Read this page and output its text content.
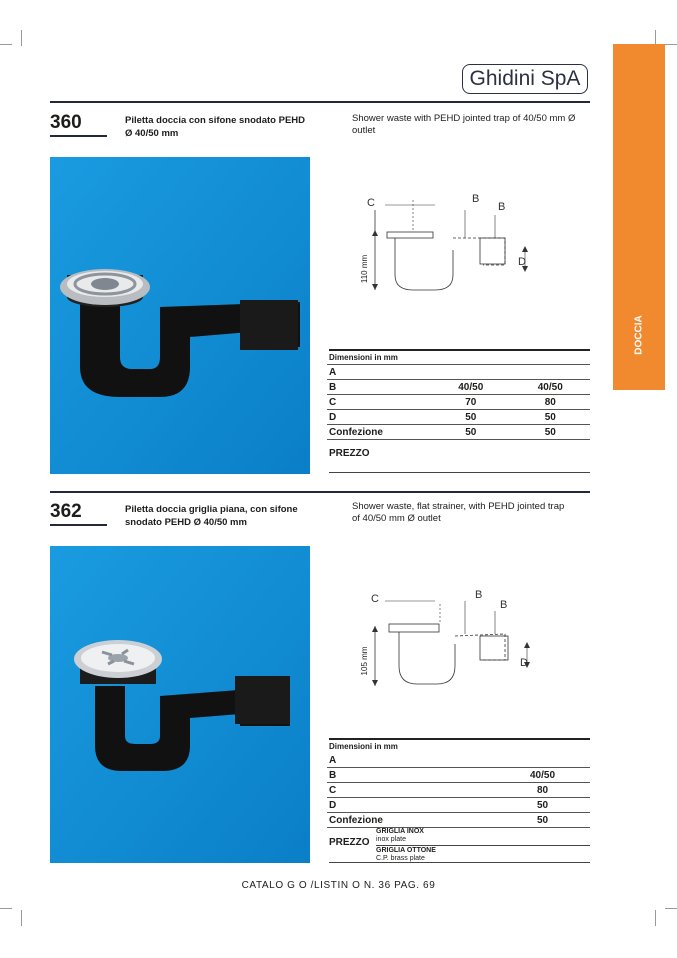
Ghidini SpA
DOCCIA
360	Piletta doccia con sifone snodato PEHD Ø 40/50 mm
Shower waste with PEHD jointed trap of 40/50 mm Ø outlet
C	B
B
D
110 mm
Dimensioni in mm
A		
B	40/50	40/50
C	70	80
D	50	50
Confezione	50	50
PREZZO
362	Piletta doccia griglia piana, con sifone snodato PEHD Ø 40/50 mm
Shower waste, flat strainer, with PEHD jointed trap of 40/50 mm Ø outlet
C	B
B
D
105 mm
Dimensioni in mm
A		
B		40/50
C		80
D		50
Confezione		50
PREZZO
GRIGLIA INOX
inox plate
GRIGLIA OTTONE
C.P. brass plate
CATALO G O /LISTIN O N. 36 PAG. 69
